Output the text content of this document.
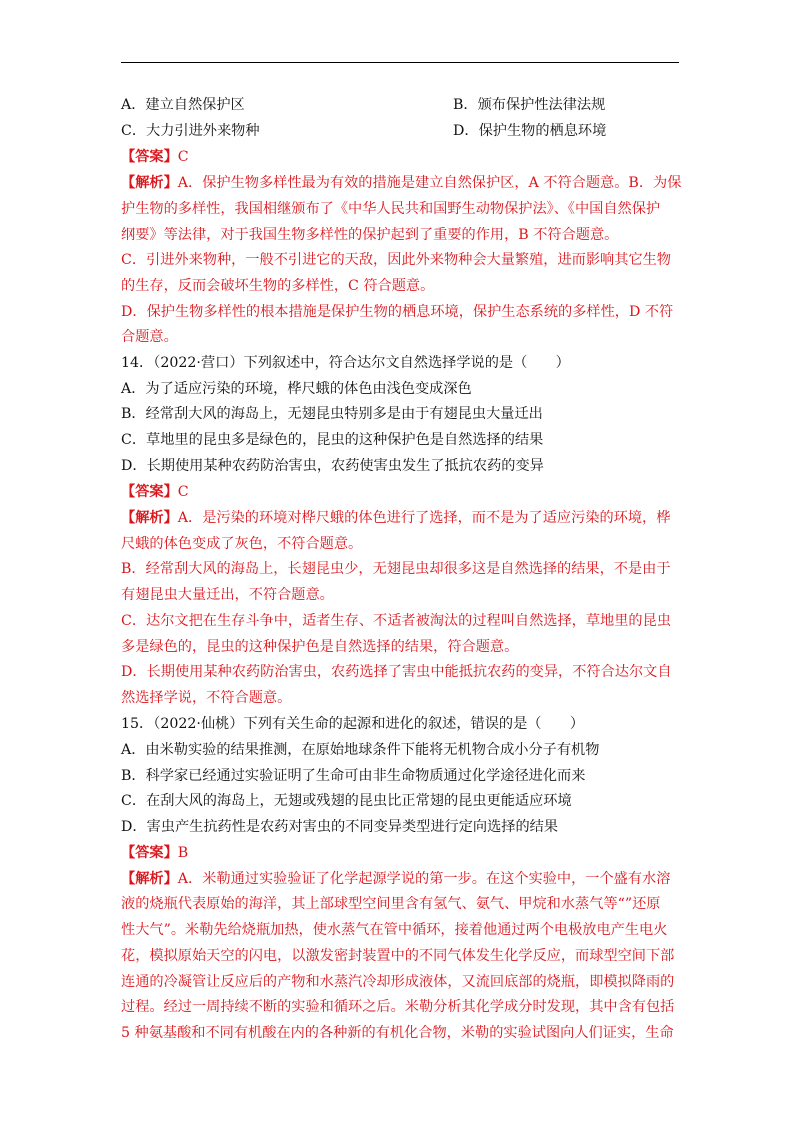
A．建立自然保护区	B．颁布保护性法律法规
C．大力引进外来物种	D．保护生物的栖息环境
【答案】C
【解析】A．保护生物多样性最为有效的措施是建立自然保护区，A 不符合题意。B．为保
护生物的多样性，我国相继颁布了《中华人民共和国野生动物保护法》、《中国自然保护
纲要》等法律，对于我国生物多样性的保护起到了重要的作用，B 不符合题意。
C．引进外来物种，一般不引进它的天敌，因此外来物种会大量繁殖，进而影响其它生物
的生存，反而会破坏生物的多样性，C 符合题意。
D．保护生物多样性的根本措施是保护生物的栖息环境，保护生态系统的多样性，D 不符
合题意。
14．（2022·营口）下列叙述中，符合达尔文自然选择学说的是（　　）
A．为了适应污染的环境，桦尺蛾的体色由浅色变成深色
B．经常刮大风的海岛上，无翅昆虫特别多是由于有翅昆虫大量迁出
C．草地里的昆虫多是绿色的，昆虫的这种保护色是自然选择的结果
D．长期使用某种农药防治害虫，农药使害虫发生了抵抗农药的变异
【答案】C
【解析】A．是污染的环境对桦尺蛾的体色进行了选择，而不是为了适应污染的环境，桦
尺蛾的体色变成了灰色，不符合题意。
B．经常刮大风的海岛上，长翅昆虫少，无翅昆虫却很多这是自然选择的结果，不是由于
有翅昆虫大量迁出，不符合题意。
C．达尔文把在生存斗争中，适者生存、不适者被淘汰的过程叫自然选择，草地里的昆虫
多是绿色的，昆虫的这种保护色是自然选择的结果，符合题意。
D．长期使用某种农药防治害虫，农药选择了害虫中能抵抗农药的变异，不符合达尔文自
然选择学说，不符合题意。
15．（2022·仙桃）下列有关生命的起源和进化的叙述，错误的是（　　）
A．由米勒实验的结果推测，在原始地球条件下能将无机物合成小分子有机物
B．科学家已经通过实验证明了生命可由非生命物质通过化学途径进化而来
C．在刮大风的海岛上，无翅或残翅的昆虫比正常翅的昆虫更能适应环境
D．害虫产生抗药性是农药对害虫的不同变异类型进行定向选择的结果
【答案】B
【解析】A．米勒通过实验验证了化学起源学说的第一步。在这个实验中，一个盛有水溶
液的烧瓶代表原始的海洋，其上部球型空间里含有氢气、氨气、甲烷和水蒸气等“”还原
性大气”。米勒先给烧瓶加热，使水蒸气在管中循环，接着他通过两个电极放电产生电火
花，模拟原始天空的闪电，以激发密封装置中的不同气体发生化学反应，而球型空间下部
连通的冷凝管让反应后的产物和水蒸汽冷却形成液体，又流回底部的烧瓶，即模拟降雨的
过程。经过一周持续不断的实验和循环之后。米勒分析其化学成分时发现，其中含有包括
5 种氨基酸和不同有机酸在内的各种新的有机化合物，米勒的实验试图向人们证实，生命
